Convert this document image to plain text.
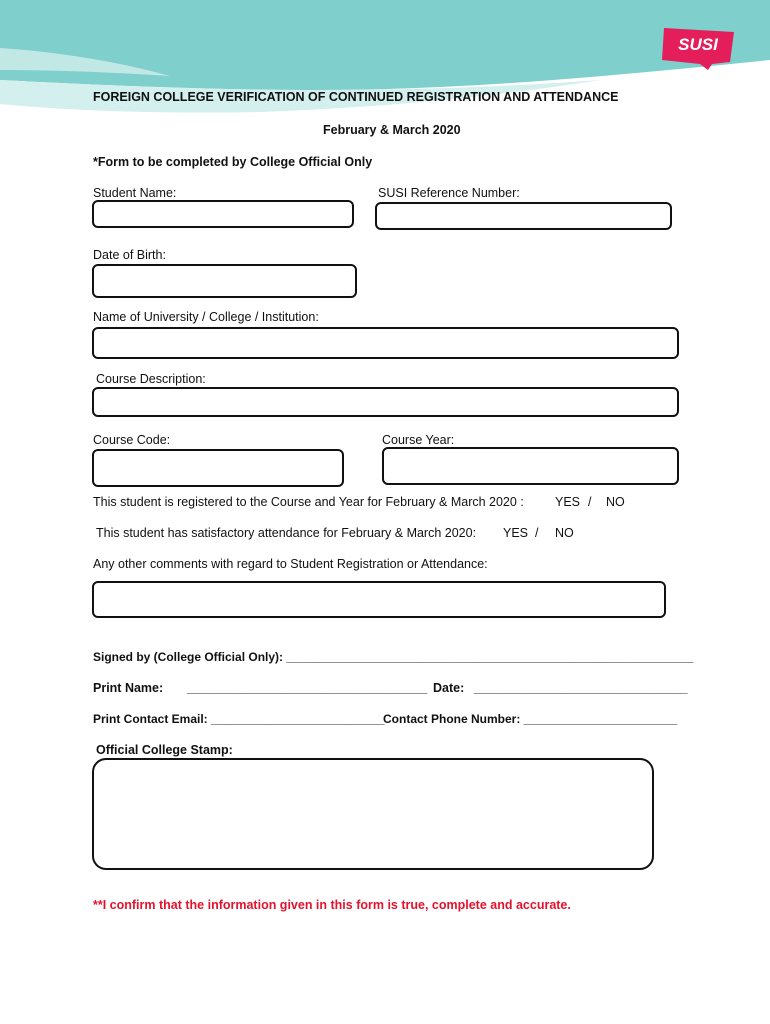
SUSI
FOREIGN COLLEGE VERIFICATION OF CONTINUED REGISTRATION AND ATTENDANCE
February & March 2020
*Form to be completed by College Official Only
Student Name:	SUSI Reference Number:
Date of Birth:
Name of University / College / Institution:
Course Description:
Course Code:	Course Year:
This student is registered to the Course and Year for February & March 2020 : YES / NO
This student has satisfactory attendance for February & March 2020: YES / NO
Any other comments with regard to Student Registration or Attendance:
Signed by (College Official Only): _____________________________________________________________
Print Name: ____________________________________ Date: ________________________________
Print Contact Email: __________________________
Contact Phone Number: _______________________
Official College Stamp:
**I confirm that the information given in this form is true, complete and accurate.
